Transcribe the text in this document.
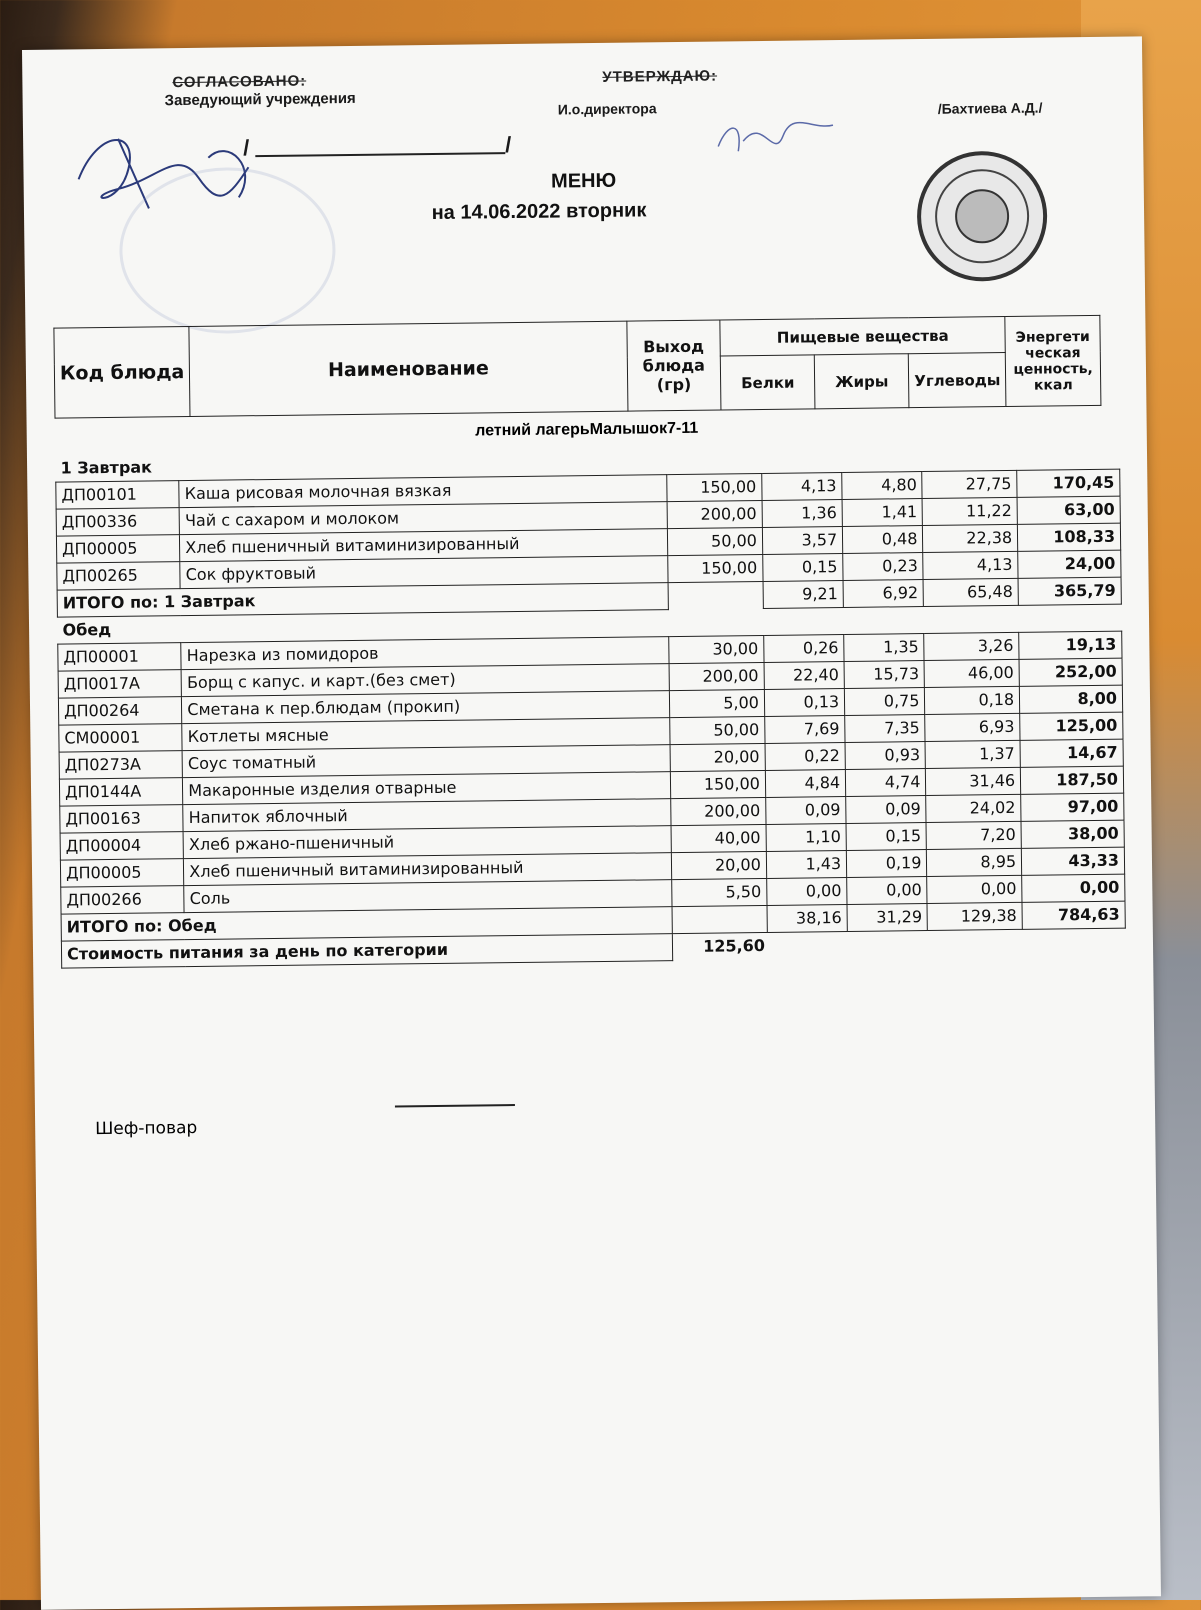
СОГЛАСОВАНО:
Заведующий учреждения
УТВЕРЖДАЮ:
И.о.директора	/Бахтиева А.Д./
/	/
МЕНЮ
на 14.06.2022 вторник
Код блюда	Наименование	Выход блюда (гр)	Пищевые вещества			Энергети ческая ценность, ккал
			Белки	Жиры	Углеводы	
летний лагерьМалышок7-11
1 Завтрак						
ДП00101	Каша рисовая молочная вязкая	150,00	4,13	4,80	27,75	170,45
ДП00336	Чай с сахаром и молоком	200,00	1,36	1,41	11,22	63,00
ДП00005	Хлеб пшеничный витаминизированный	50,00	3,57	0,48	22,38	108,33
ДП00265	Сок фруктовый	150,00	0,15	0,23	4,13	24,00
ИТОГО по: 1 Завтрак			9,21	6,92	65,48	365,79
Обед						
ДП00001	Нарезка из помидоров	30,00	0,26	1,35	3,26	19,13
ДП0017А	Борщ с капус. и карт.(без смет)	200,00	22,40	15,73	46,00	252,00
ДП00264	Сметана к пер.блюдам (прокип)	5,00	0,13	0,75	0,18	8,00
СМ00001	Котлеты мясные	50,00	7,69	7,35	6,93	125,00
ДП0273А	Соус томатный	20,00	0,22	0,93	1,37	14,67
ДП0144А	Макаронные изделия отварные	150,00	4,84	4,74	31,46	187,50
ДП00163	Напиток яблочный	200,00	0,09	0,09	24,02	97,00
ДП00004	Хлеб ржано-пшеничный	40,00	1,10	0,15	7,20	38,00
ДП00005	Хлеб пшеничный витаминизированный	20,00	1,43	0,19	8,95	43,33
ДП00266	Соль	5,50	0,00	0,00	0,00	0,00
ИТОГО по: Обед			38,16	31,29	129,38	784,63
Стоимость питания за день по категории		125,60				
Шеф-повар
